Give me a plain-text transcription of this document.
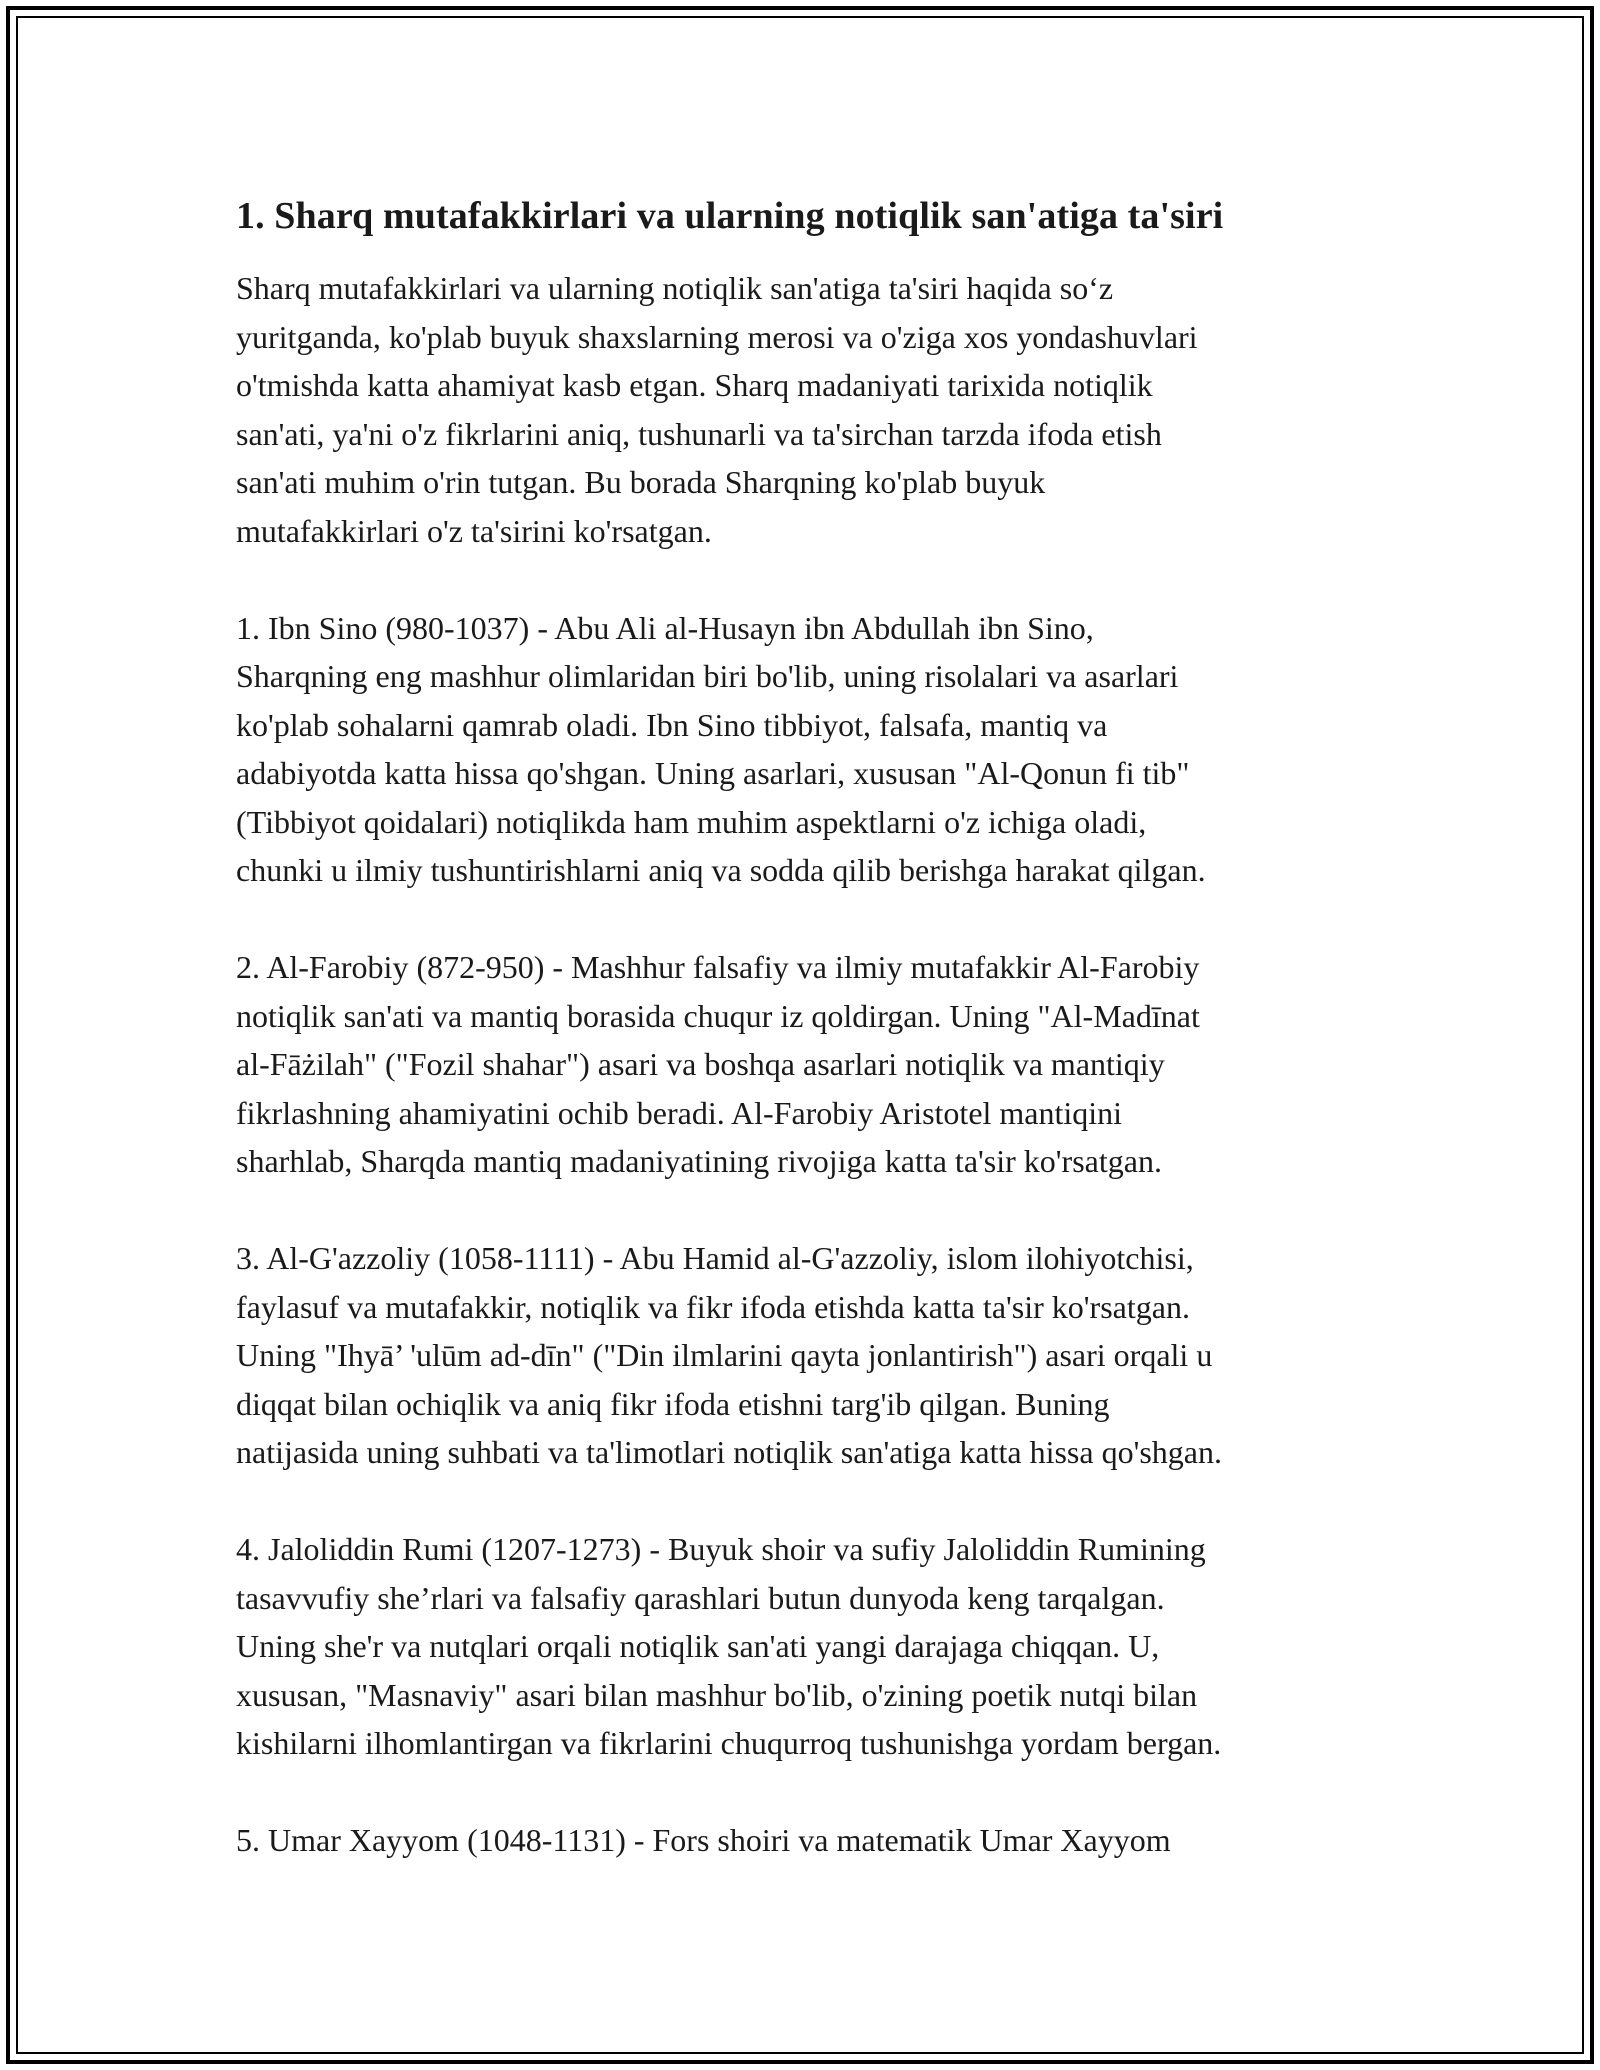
1. Sharq mutafakkirlari va ularning notiqlik san'atiga ta'siri

Sharq mutafakkirlari va ularning notiqlik san'atiga ta'siri haqida so‘z
yuritganda, ko'plab buyuk shaxslarning merosi va o'ziga xos yondashuvlari
o'tmishda katta ahamiyat kasb etgan. Sharq madaniyati tarixida notiqlik
san'ati, ya'ni o'z fikrlarini aniq, tushunarli va ta'sirchan tarzda ifoda etish
san'ati muhim o'rin tutgan. Bu borada Sharqning ko'plab buyuk
mutafakkirlari o'z ta'sirini ko'rsatgan.

1. Ibn Sino (980-1037) - Abu Ali al-Husayn ibn Abdullah ibn Sino,
Sharqning eng mashhur olimlaridan biri bo'lib, uning risolalari va asarlari
ko'plab sohalarni qamrab oladi. Ibn Sino tibbiyot, falsafa, mantiq va
adabiyotda katta hissa qo'shgan. Uning asarlari, xususan "Al-Qonun fi tib"
(Tibbiyot qoidalari) notiqlikda ham muhim aspektlarni o'z ichiga oladi,
chunki u ilmiy tushuntirishlarni aniq va sodda qilib berishga harakat qilgan.

2. Al-Farobiy (872-950) - Mashhur falsafiy va ilmiy mutafakkir Al-Farobiy
notiqlik san'ati va mantiq borasida chuqur iz qoldirgan. Uning "Al-Madīnat
al-Fāżilah" ("Fozil shahar") asari va boshqa asarlari notiqlik va mantiqiy
fikrlashning ahamiyatini ochib beradi. Al-Farobiy Aristotel mantiqini
sharhlab, Sharqda mantiq madaniyatining rivojiga katta ta'sir ko'rsatgan.

3. Al-G'azzoliy (1058-1111) - Abu Hamid al-G'azzoliy, islom ilohiyotchisi,
faylasuf va mutafakkir, notiqlik va fikr ifoda etishda katta ta'sir ko'rsatgan.
Uning "Ihyā’ 'ulūm ad-dīn" ("Din ilmlarini qayta jonlantirish") asari orqali u
diqqat bilan ochiqlik va aniq fikr ifoda etishni targ'ib qilgan. Buning
natijasida uning suhbati va ta'limotlari notiqlik san'atiga katta hissa qo'shgan.

4. Jaloliddin Rumi (1207-1273) - Buyuk shoir va sufiy Jaloliddin Rumining
tasavvufiy she’rlari va falsafiy qarashlari butun dunyoda keng tarqalgan.
Uning she'r va nutqlari orqali notiqlik san'ati yangi darajaga chiqqan. U,
xususan, "Masnaviy" asari bilan mashhur bo'lib, o'zining poetik nutqi bilan
kishilarni ilhomlantirgan va fikrlarini chuqurroq tushunishga yordam bergan.

5. Umar Xayyom (1048-1131) - Fors shoiri va matematik Umar Xayyom
